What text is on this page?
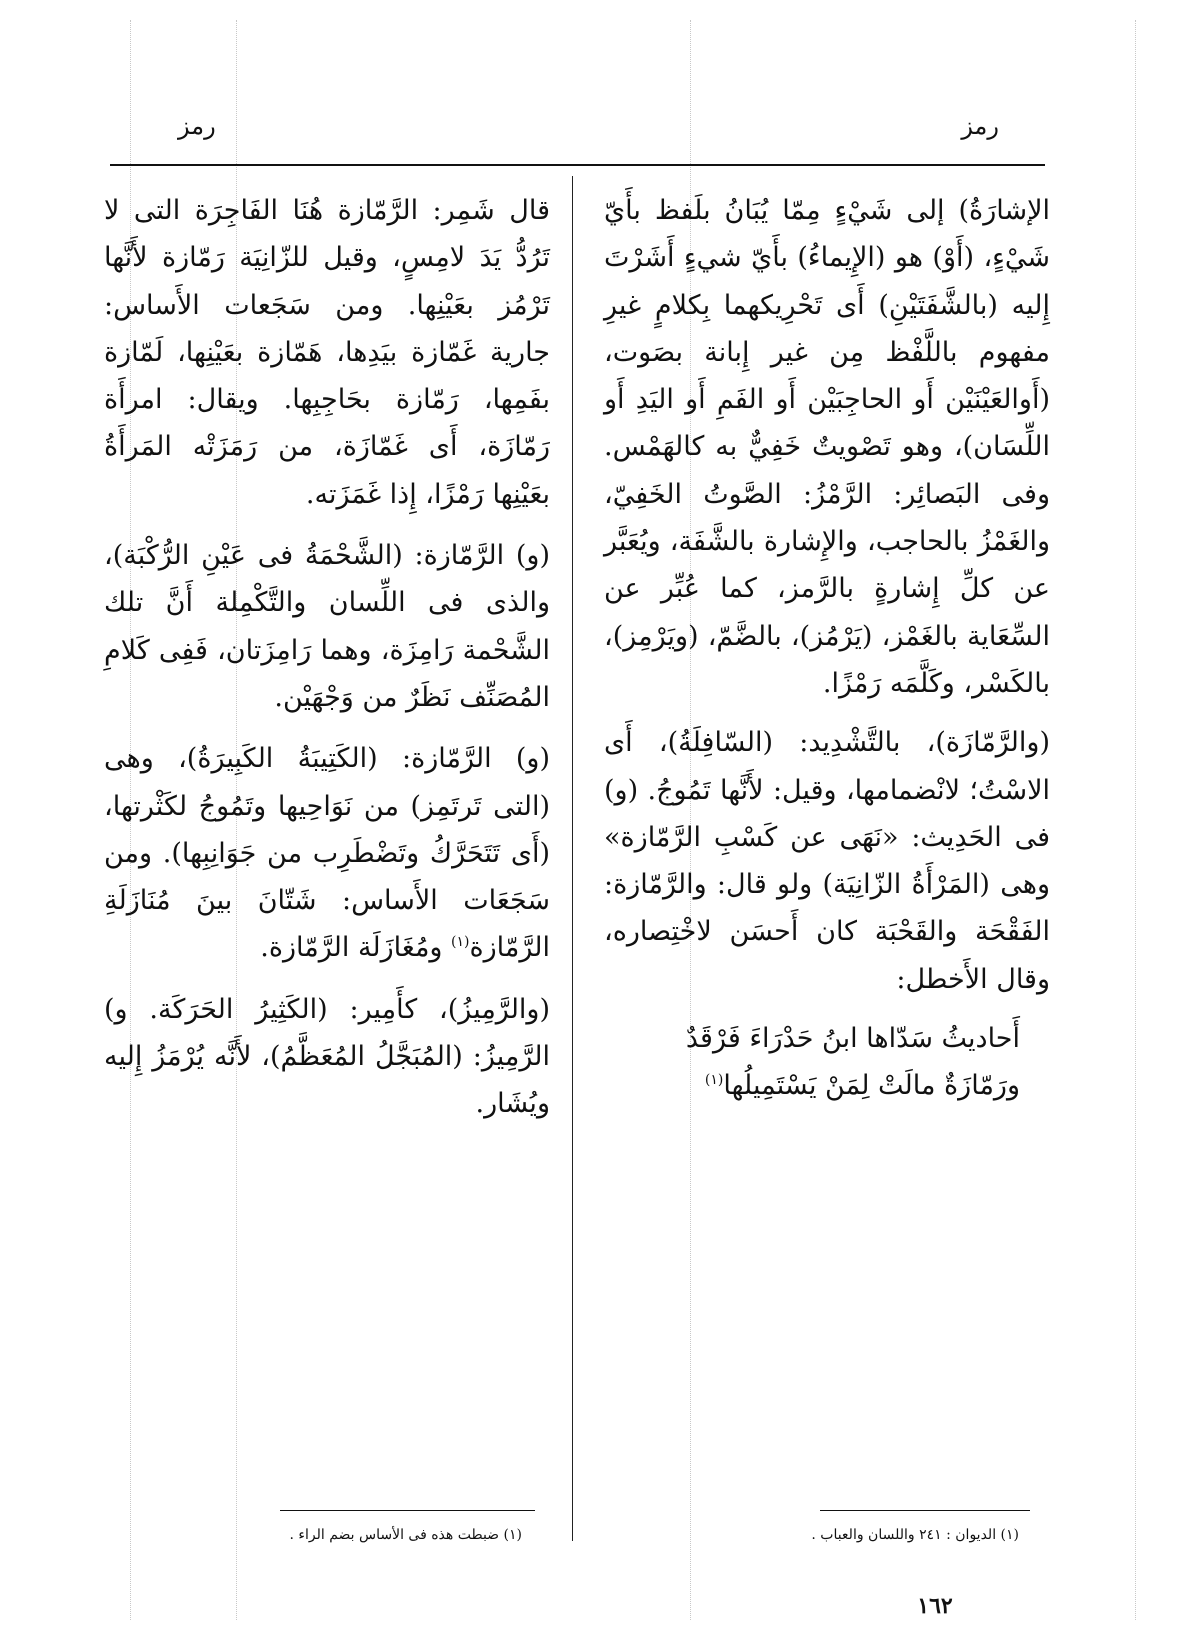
رمز
رمز

الإشارَةُ) إلى شَيْءٍ مِمّا يُبَانُ بلَفظ بأَيّ شَيْءٍ، (أَوْ) هو (الإِيماءُ) بأَيّ شيءٍ أَشَرْتَ إِليه (بالشَّفَتَيْنِ) أَى تَحْرِيكهما بِكلامٍ غيرِ مفهوم باللَّفْظ مِن غير إِبانة بصَوت، (أَوالعَيْنَيْن أَو الحاجِبَيْن أَو الفَمِ أَو اليَدِ أَو اللِّسَان)، وهو تَصْويتٌ خَفِيٌّ به كالهَمْس. وفى البَصائِر: الرَّمْزُ: الصَّوتُ الخَفِيّ، والغَمْزُ بالحاجب، والإِشارة بالشَّفَة، ويُعَبَّر عن كلِّ إِشارةٍ بالرَّمز، كما عُبِّر عن السِّعَاية بالغَمْز، (يَرْمُز)، بالضَّمّ، (ويَرْمِز)، بالكَسْر، وكَلَّمَه رَمْزًا.

(والرَّمّازَة)، بالتَّشْدِيد: (السّافِلَةُ)، أَى الاسْتُ؛ لانْضمامها، وقيل: لأَنَّها تَمُوجُ. (و) فى الحَدِيث: «نَهَى عن كَسْبِ الرَّمّازة» وهى (المَرْأَةُ الزّانِيَة) ولو قال: والرَّمّازة: الفَقْحَة والقَحْبَة كان أَحسَن لاخْتِصاره، وقال الأَخطل:

أَحاديثُ سَدّاها ابنُ حَدْرَاءَ فَرْقَدٌ

ورَمّازَةٌ مالَتْ لِمَنْ يَسْتَمِيلُها$^{(١)}$

قال شَمِر: الرَّمّازة هُنَا الفَاجِرَة التى لا تَرُدُّ يَدَ لامِسٍ، وقيل للزّانِيَة رَمّازة لأَنَّها تَرْمُز بعَيْنِها. ومن سَجَعات الأَساس: جارية غَمّازة بيَدِها، هَمّازة بعَيْنِها، لَمّازة بفَمِها، رَمّازة بحَاجِبِها. ويقال: امرأَة رَمّازَة، أَى غَمّازَة، من رَمَزَتْه المَرأَةُ بعَيْنِها رَمْزًا، إِذا غَمَزَته.

(و) الرَّمّازة: (الشَّحْمَةُ فى عَيْنِ الرُّكْبَة)، والذى فى اللِّسان والتَّكْمِلة أَنَّ تلك الشَّحْمة رَامِزَة، وهما رَامِزَتان، فَفِى كَلامِ المُصَنِّف نَظَرٌ من وَجْهَيْن.

(و) الرَّمّازة: (الكَتِيبَةُ الكَبِيرَةُ)، وهى (التى تَرتَمِز) من نَوَاحِيها وتَمُوجُ لكَثْرتها، (أَى تَتَحَرَّكُ وتَضْطَرِب من جَوَانِبِها). ومن سَجَعَات الأَساس: شَتّانَ بينَ مُنَازَلَةِ الرَّمّازة$^{(١)}$ ومُغَازَلَة الرَّمّازة.

(والرَّمِيزُ)، كأَمِير: (الكَثِيرُ الحَرَكَة. و) الرَّمِيزُ: (المُبَجَّلُ المُعَظَّمُ)، لأَنَّه يُرْمَزُ إِليه ويُشَار.

(١) الديوان : ٢٤١ واللسان والعباب .
(١) ضبطت هذه فى الأساس بضم الراء .
١٦٢
